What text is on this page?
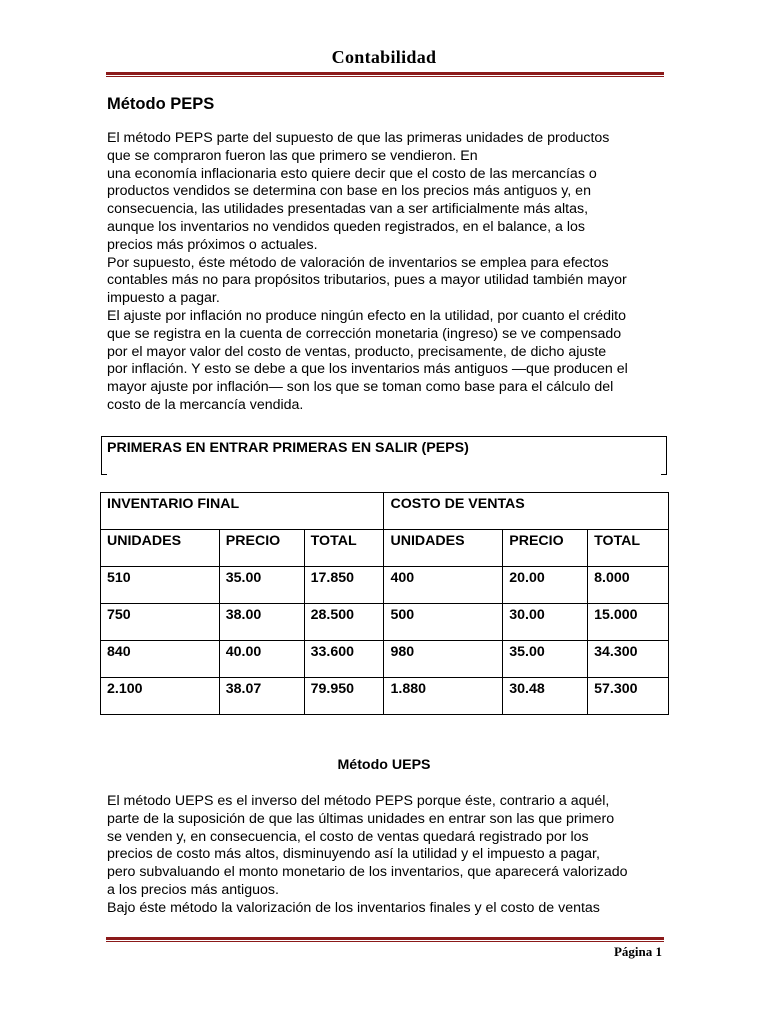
Contabilidad
Método PEPS

El método PEPS parte del supuesto de que las primeras unidades de productos
que se compraron fueron las que primero se vendieron. En
una economía inflacionaria esto quiere decir que el costo de las mercancías o
productos vendidos se determina con base en los precios más antiguos y, en
consecuencia, las utilidades presentadas van a ser artificialmente más altas,
aunque los inventarios no vendidos queden registrados, en el balance, a los
precios más próximos o actuales.
Por supuesto, éste método de valoración de inventarios se emplea para efectos
contables más no para propósitos tributarios, pues a mayor utilidad también mayor
impuesto a pagar.
El ajuste por inflación no produce ningún efecto en la utilidad, por cuanto el crédito
que se registra en la cuenta de corrección monetaria (ingreso) se ve compensado
por el mayor valor del costo de ventas, producto, precisamente, de dicho ajuste
por inflación. Y esto se debe a que los inventarios más antiguos —que producen el
mayor ajuste por inflación— son los que se toman como base para el cálculo del
costo de la mercancía vendida.

PRIMERAS EN ENTRAR PRIMERAS EN SALIR (PEPS)
INVENTARIO FINAL			COSTO DE VENTAS		
UNIDADES	PRECIO	TOTAL	UNIDADES	PRECIO	TOTAL
510	35.00	17.850	400	20.00	8.000
750	38.00	28.500	500	30.00	15.000
840	40.00	33.600	980	35.00	34.300
2.100	38.07	79.950	1.880	30.48	57.300
Método UEPS

El método UEPS es el inverso del método PEPS porque éste, contrario a aquél,
parte de la suposición de que las últimas unidades en entrar son las que primero
se venden y, en consecuencia, el costo de ventas quedará registrado por los
precios de costo más altos, disminuyendo así la utilidad y el impuesto a pagar,
pero subvaluando el monto monetario de los inventarios, que aparecerá valorizado
a los precios más antiguos.
Bajo éste método la valorización de los inventarios finales y el costo de ventas

Página 1
